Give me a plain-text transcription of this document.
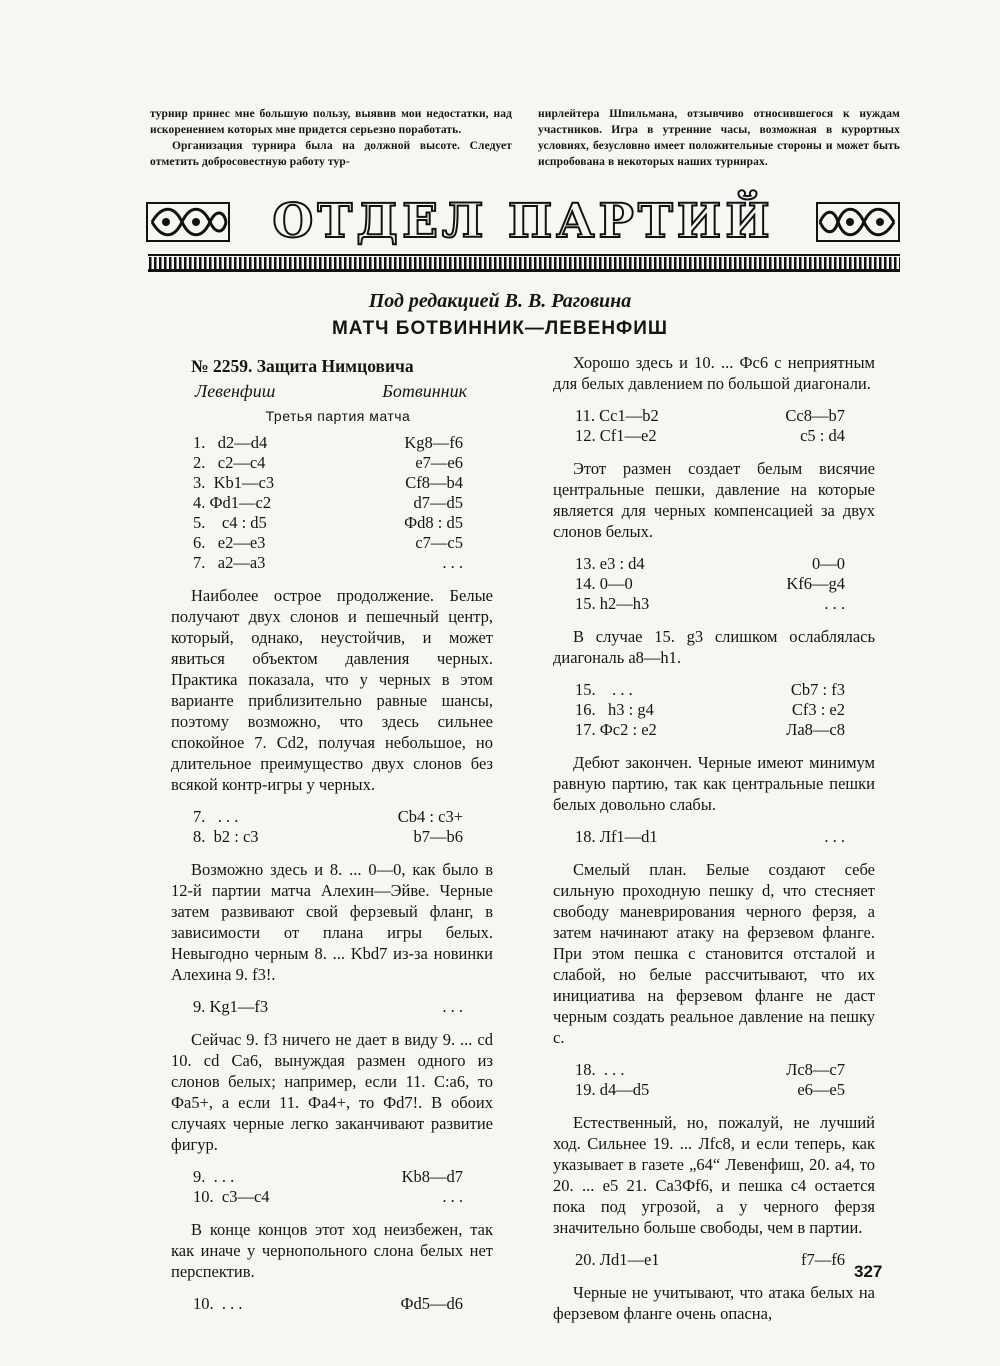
турнир принес мне большую пользу, выявив мои недостатки, над искоренением которых мне придется серьезно поработать.

Организация турнира была на должной высоте. Следует отметить добросовестную работу тур-

нирлейтера Шпильмана, отзывчиво относившегося к нуждам участников. Игра в утренние часы, возможная в курортных условиях, безусловно имеет положительные стороны и может быть испробована в некоторых наших турнирах.

ОТДЕЛ ПАРТИЙ
Под редакцией В. В. Раговина
МАТЧ БОТВИННИК—ЛЕВЕНФИШ
№ 2259. Защита Нимцовича
Левенфиш	Ботвинник
Третья партия матча
1.   d2—d4	Kg8—f6
2.   c2—c4	e7—e6
3.  Kb1—c3	Cf8—b4
4. Фd1—c2	d7—d5
5.    c4 : d5	Фd8 : d5
6.   e2—e3	c7—c5
7.   a2—a3	. . .

Наиболее острое продолжение. Белые получают двух слонов и пешечный центр, который, однако, неустойчив, и может явиться объектом давления черных. Практика показала, что у черных в этом варианте приблизительно равные шансы, поэтому возможно, что здесь сильнее спокойное 7. Cd2, получая небольшое, но длительное преимущество двух слонов без всякой контр-игры у черных.

7.   . . .	Cb4 : c3+
8.  b2 : c3	b7—b6

Возможно здесь и 8. ... 0—0, как было в 12-й партии матча Алехин—Эйве. Черные затем развивают свой ферзевый фланг, в зависимости от плана игры белых. Невыгодно черным 8. ... Kbd7 из-за новинки Алехина 9. f3!.

9. Kg1—f3	. . .

Сейчас 9. f3 ничего не дает в виду 9. ... cd 10. cd Ca6, вынуждая размен одного из слонов белых; например, если 11. C:a6, то Фa5+, а если 11. Фa4+, то Фd7!. В обоих случаях черные легко заканчивают развитие фигур.

9.  . . .	Kb8—d7
10.  c3—c4	. . .

В конце концов этот ход неизбежен, так как иначе у чернопольного слона белых нет перспектив.

10.  . . .	Фd5—d6

Хорошо здесь и 10. ... Фc6 с неприятным для белых давлением по большой диагонали.

11. Cc1—b2	Cc8—b7
12. Cf1—e2	c5 : d4

Этот размен создает белым висячие центральные пешки, давление на которые является для черных компенсацией за двух слонов белых.

13. e3 : d4	0—0
14. 0—0	Kf6—g4
15. h2—h3	. . .

В случае 15. g3 слишком ослаблялась диагональ a8—h1.

15.    . . .	Cb7 : f3
16.   h3 : g4	Cf3 : e2
17. Фc2 : e2	Лa8—c8

Дебют закончен. Черные имеют минимум равную партию, так как центральные пешки белых довольно слабы.

18. Лf1—d1	. . .

Смелый план. Белые создают себе сильную проходную пешку d, что стесняет свободу маневрирования черного ферзя, а затем начинают атаку на ферзевом фланге. При этом пешка c становится отсталой и слабой, но белые рассчитывают, что их инициатива на ферзевом фланге не даст черным создать реальное давление на пешку c.

18.  . . .	Лc8—c7
19. d4—d5	e6—e5

Естественный, но, пожалуй, не лучший ход. Сильнее 19. ... Лfc8, и если теперь, как указывает в газете „64“ Левенфиш, 20. a4, то 20. ... e5 21. Ca3Фf6, и пешка c4 остается пока под угрозой, а у черного ферзя значительно больше свободы, чем в партии.

20. Лd1—e1	f7—f6

Черные не учитывают, что атака белых на ферзевом фланге очень опасна,

327
